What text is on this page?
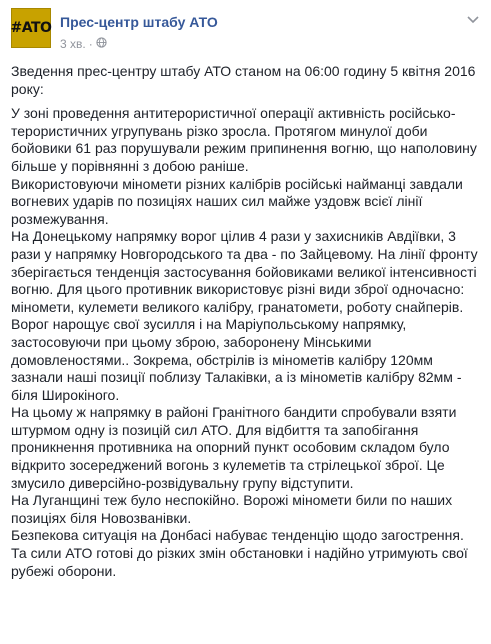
#ATO Прес-центр штабу АТО
3 хв. ·

Зведення прес-центру штабу АТО станом на 06:00 годину 5 квітня 2016 року:

У зоні проведення антитерористичної операції активність російсько-терористичних угрупувань різко зросла. Протягом минулої доби бойовики 61 раз порушували режим припинення вогню, що наполовину більше у порівнянні з добою раніше.

Використовуючи міномети різних калібрів російські найманці завдали вогневих ударів по позиціях наших сил майже уздовж всієї лінії розмежування.

На Донецькому напрямку ворог цілив 4 рази у захисників Авдіївки, 3 рази у напрямку Новгородського та два - по Зайцевому. На лінії фронту зберігається тенденція застосування бойовиками великої інтенсивності вогню. Для цього противник використовує різні види зброї одночасно: міномети, кулемети великого калібру, гранатомети, роботу снайперів.

Ворог нарощує свої зусилля і на Маріупольському напрямку, застосовуючи при цьому зброю, заборонену Мінськими домовленостями.. Зокрема, обстрілів із мінометів калібру 120мм зазнали наші позиції поблизу Талаківки, а із мінометів калібру 82мм - біля Широкіного.

На цьому ж напрямку в районі Гранітного бандити спробували взяти штурмом одну із позицій сил АТО. Для відбиття та запобігання проникнення противника на опорний пункт особовим складом було відкрито зосереджений вогонь з кулеметів та стрілецької зброї. Це змусило диверсійно-розвідувальну групу відступити.

На Луганщині теж було неспокійно. Ворожі міномети били по наших позиціях біля Новозванівки.

Безпекова ситуація на Донбасі набуває тенденцію щодо загострення. Та сили АТО готові до різких змін обстановки і надійно утримують свої рубежі оборони.
